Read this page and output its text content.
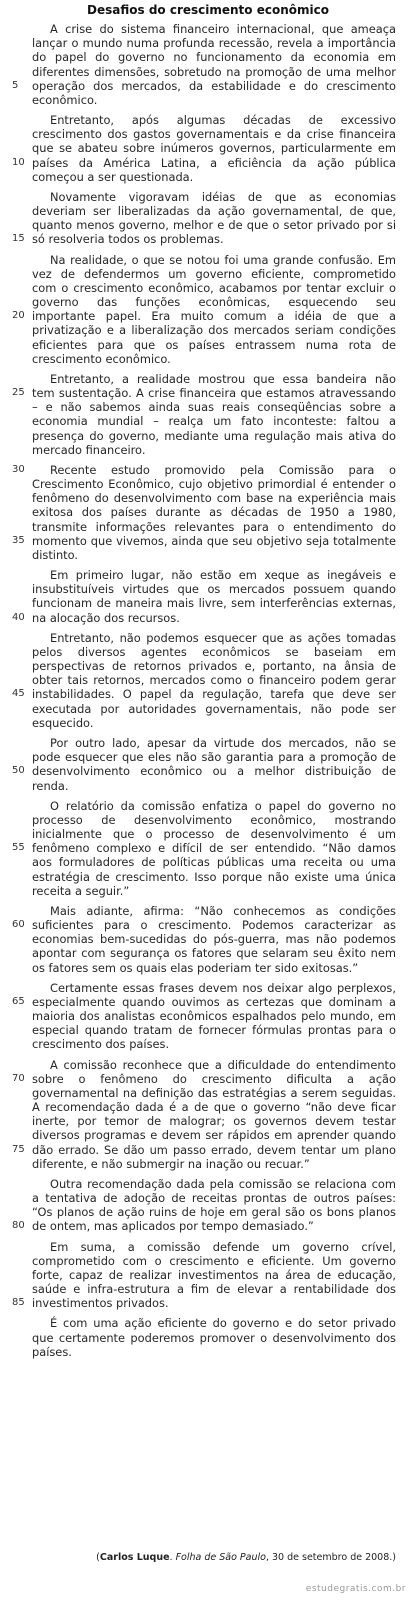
Desafios do crescimento econômico
A crise do sistema financeiro internacional, que ameaça
lançar o mundo numa profunda recessão, revela a importância
do papel do governo no funcionamento da economia em
diferentes dimensões, sobretudo na promoção de uma melhor
operação dos mercados, da estabilidade e do crescimento
econômico.
Entretanto, após algumas décadas de excessivo
crescimento dos gastos governamentais e da crise financeira
que se abateu sobre inúmeros governos, particularmente em
países da América Latina, a eficiência da ação pública
começou a ser questionada.
Novamente vigoravam idéias de que as economias
deveriam ser liberalizadas da ação governamental, de que,
quanto menos governo, melhor e de que o setor privado por si
só resolveria todos os problemas.
Na realidade, o que se notou foi uma grande confusão. Em
vez de defendermos um governo eficiente, comprometido
com o crescimento econômico, acabamos por tentar excluir o
governo das funções econômicas, esquecendo seu
importante papel. Era muito comum a idéia de que a
privatização e a liberalização dos mercados seriam condições
eficientes para que os países entrassem numa rota de
crescimento econômico.
Entretanto, a realidade mostrou que essa bandeira não
tem sustentação. A crise financeira que estamos atravessando
– e não sabemos ainda suas reais conseqüências sobre a
economia mundial – realça um fato inconteste: faltou a
presença do governo, mediante uma regulação mais ativa do
mercado financeiro.
Recente estudo promovido pela Comissão para o
Crescimento Econômico, cujo objetivo primordial é entender o
fenômeno do desenvolvimento com base na experiência mais
exitosa dos países durante as décadas de 1950 a 1980,
transmite informações relevantes para o entendimento do
momento que vivemos, ainda que seu objetivo seja totalmente
distinto.
Em primeiro lugar, não estão em xeque as inegáveis e
insubstituíveis virtudes que os mercados possuem quando
funcionam de maneira mais livre, sem interferências externas,
na alocação dos recursos.
Entretanto, não podemos esquecer que as ações tomadas
pelos diversos agentes econômicos se baseiam em
perspectivas de retornos privados e, portanto, na ânsia de
obter tais retornos, mercados como o financeiro podem gerar
instabilidades. O papel da regulação, tarefa que deve ser
executada por autoridades governamentais, não pode ser
esquecido.
Por outro lado, apesar da virtude dos mercados, não se
pode esquecer que eles não são garantia para a promoção de
desenvolvimento econômico ou a melhor distribuição de
renda.
O relatório da comissão enfatiza o papel do governo no
processo de desenvolvimento econômico, mostrando
inicialmente que o processo de desenvolvimento é um
fenômeno complexo e difícil de ser entendido. “Não damos
aos formuladores de políticas públicas uma receita ou uma
estratégia de crescimento. Isso porque não existe uma única
receita a seguir.”
Mais adiante, afirma: “Não conhecemos as condições
suficientes para o crescimento. Podemos caracterizar as
economias bem-sucedidas do pós-guerra, mas não podemos
apontar com segurança os fatores que selaram seu êxito nem
os fatores sem os quais elas poderiam ter sido exitosas.”
Certamente essas frases devem nos deixar algo perplexos,
especialmente quando ouvimos as certezas que dominam a
maioria dos analistas econômicos espalhados pelo mundo, em
especial quando tratam de fornecer fórmulas prontas para o
crescimento dos países.
A comissão reconhece que a dificuldade do entendimento
sobre o fenômeno do crescimento dificulta a ação
governamental na definição das estratégias a serem seguidas.
A recomendação dada é a de que o governo “não deve ficar
inerte, por temor de malograr; os governos devem testar
diversos programas e devem ser rápidos em aprender quando
dão errado. Se dão um passo errado, devem tentar um plano
diferente, e não submergir na inação ou recuar.”
Outra recomendação dada pela comissão se relaciona com
a tentativa de adoção de receitas prontas de outros países:
“Os planos de ação ruins de hoje em geral são os bons planos
de ontem, mas aplicados por tempo demasiado.”
Em suma, a comissão defende um governo crível,
comprometido com o crescimento e eficiente. Um governo
forte, capaz de realizar investimentos na área de educação,
saúde e infra-estrutura a fim de elevar a rentabilidade dos
investimentos privados.
É com uma ação eficiente do governo e do setor privado
que certamente poderemos promover o desenvolvimento dos
países.
5
10
15
20
25
30
35
40
45
50
55
60
65
70
75
80
85
(Carlos Luque. Folha de São Paulo, 30 de setembro de 2008.)
estudegratis.com.br
